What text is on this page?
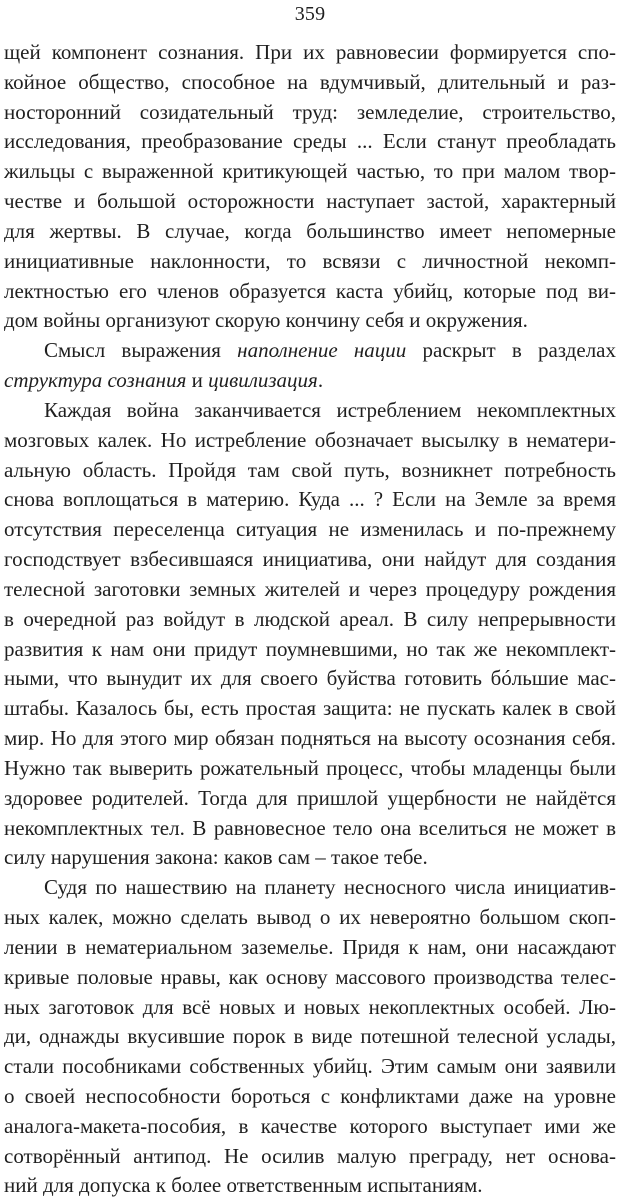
359
щей компонент сознания. При их равновесии формируется спо-
койное общество, способное на вдумчивый, длительный и раз-
носторонний созидательный труд: земледелие, строительство,
исследования, преобразование среды ... Если станут преобладать
жильцы с выраженной критикующей частью, то при малом твор-
честве и большой осторожности наступает застой, характерный
для жертвы. В случае, когда большинство имеет непомерные
инициативные наклонности, то всвязи с личностной некомп-
лектностью его членов образуется каста убийц, которые под ви-
дом войны организуют скорую кончину себя и окружения.
Смысл выражения наполнение нации раскрыт в разделах
структура сознания и цивилизация.
Каждая война заканчивается истреблением некомплектных
мозговых калек. Но истребление обозначает высылку в нематери-
альную область. Пройдя там свой путь, возникнет потребность
снова воплощаться в материю. Куда ... ? Если на Земле за время
отсутствия переселенца ситуация не изменилась и по-прежнему
господствует взбесившаяся инициатива, они найдут для создания
телесной заготовки земных жителей и через процедуру рождения
в очередной раз войдут в людской ареал. В силу непрерывности
развития к нам они придут поумневшими, но так же некомплект-
ными, что вынудит их для своего буйства готовить бóльшие мас-
штабы. Казалось бы, есть простая защита: не пускать калек в свой
мир. Но для этого мир обязан подняться на высоту осознания себя.
Нужно так выверить рожательный процесс, чтобы младенцы были
здоровее родителей. Тогда для пришлой ущербности не найдётся
некомплектных тел. В равновесное тело она вселиться не может в
силу нарушения закона: каков сам – такое тебе.
Судя по нашествию на планету несносного числа инициатив-
ных калек, можно сделать вывод о их невероятно большом скоп-
лении в нематериальном заземелье. Придя к нам, они насаждают
кривые половые нравы, как основу массового производства телес-
ных заготовок для всё новых и новых некоплектных особей. Лю-
ди, однажды вкусившие порок в виде потешной телесной услады,
стали пособниками собственных убийц. Этим самым они заявили
о своей неспособности бороться с конфликтами даже на уровне
аналога-макета-пособия, в качестве которого выступает ими же
сотворённый антипод. Не осилив малую преграду, нет основа-
ний для допуска к более ответственным испытаниям.
